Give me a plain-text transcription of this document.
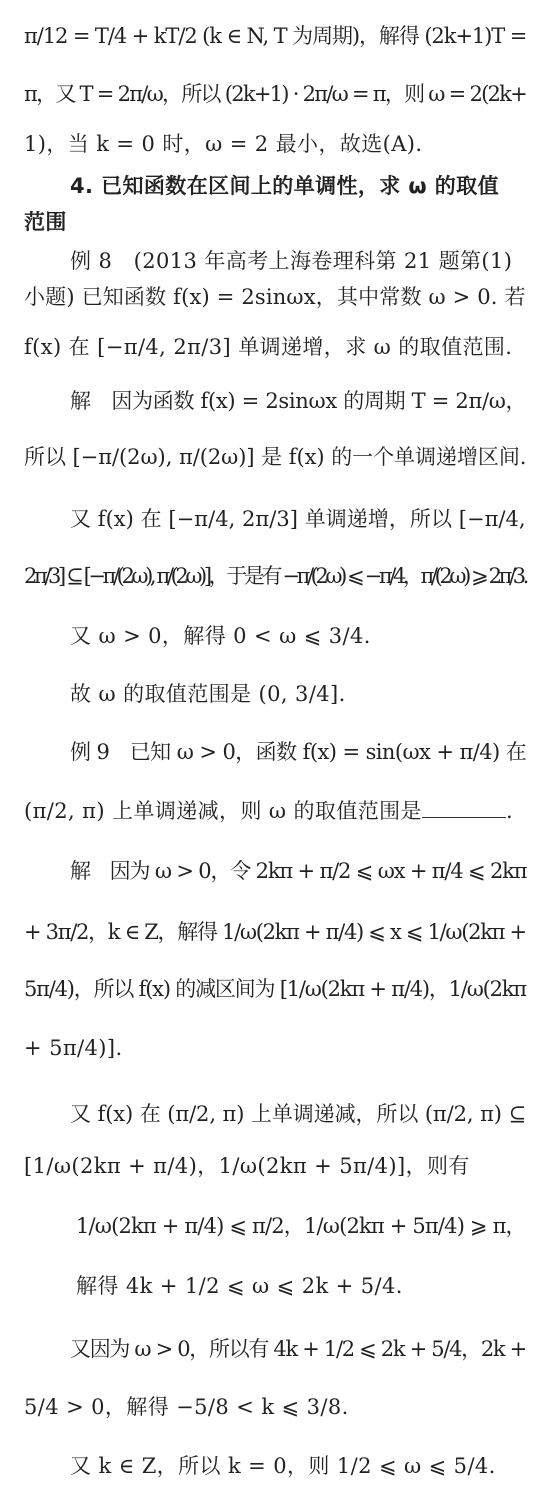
π/12 = T/4 + kT/2 (k ∈ N, T 为周期)，解得 (2k+1)T =
π，又 T = 2π/ω，所以 (2k+1) · 2π/ω = π，则 ω = 2(2k+
1)，当 k = 0 时，ω = 2 最小，故选(A).
4. 已知函数在区间上的单调性，求 ω 的取值
范围
例 8　(2013 年高考上海卷理科第 21 题第(1)
小题) 已知函数 f(x) = 2sinωx，其中常数 ω > 0. 若
f(x) 在 [−π/4, 2π/3] 单调递增，求 ω 的取值范围.
解　因为函数 f(x) = 2sinωx 的周期 T = 2π/ω，
所以 [−π/(2ω), π/(2ω)] 是 f(x) 的一个单调递增区间.
又 f(x) 在 [−π/4, 2π/3] 单调递增，所以 [−π/4,
2π/3] ⊆ [−π/(2ω), π/(2ω)]，于是有 −π/(2ω) ⩽ −π/4，π/(2ω) ⩾ 2π/3.
又 ω > 0，解得 0 < ω ⩽ 3/4.
故 ω 的取值范围是 (0, 3/4].
例 9　已知 ω > 0，函数 f(x) = sin(ωx + π/4) 在
(π/2, π) 上单调递减，则 ω 的取值范围是	.
解　因为 ω > 0，令 2kπ + π/2 ⩽ ωx + π/4 ⩽ 2kπ
+ 3π/2，k ∈ Z，解得 1/ω(2kπ + π/4) ⩽ x ⩽ 1/ω(2kπ +
5π/4)，所以 f(x) 的减区间为 [1/ω(2kπ + π/4)，1/ω(2kπ
+ 5π/4)].
又 f(x) 在 (π/2, π) 上单调递减，所以 (π/2, π) ⊆
[1/ω(2kπ + π/4)，1/ω(2kπ + 5π/4)]，则有
1/ω(2kπ + π/4) ⩽ π/2，1/ω(2kπ + 5π/4) ⩾ π，
解得 4k + 1/2 ⩽ ω ⩽ 2k + 5/4.
又因为 ω > 0，所以有 4k + 1/2 ⩽ 2k + 5/4，2k +
5/4 > 0，解得 −5/8 < k ⩽ 3/8.
又 k ∈ Z，所以 k = 0，则 1/2 ⩽ ω ⩽ 5/4.
